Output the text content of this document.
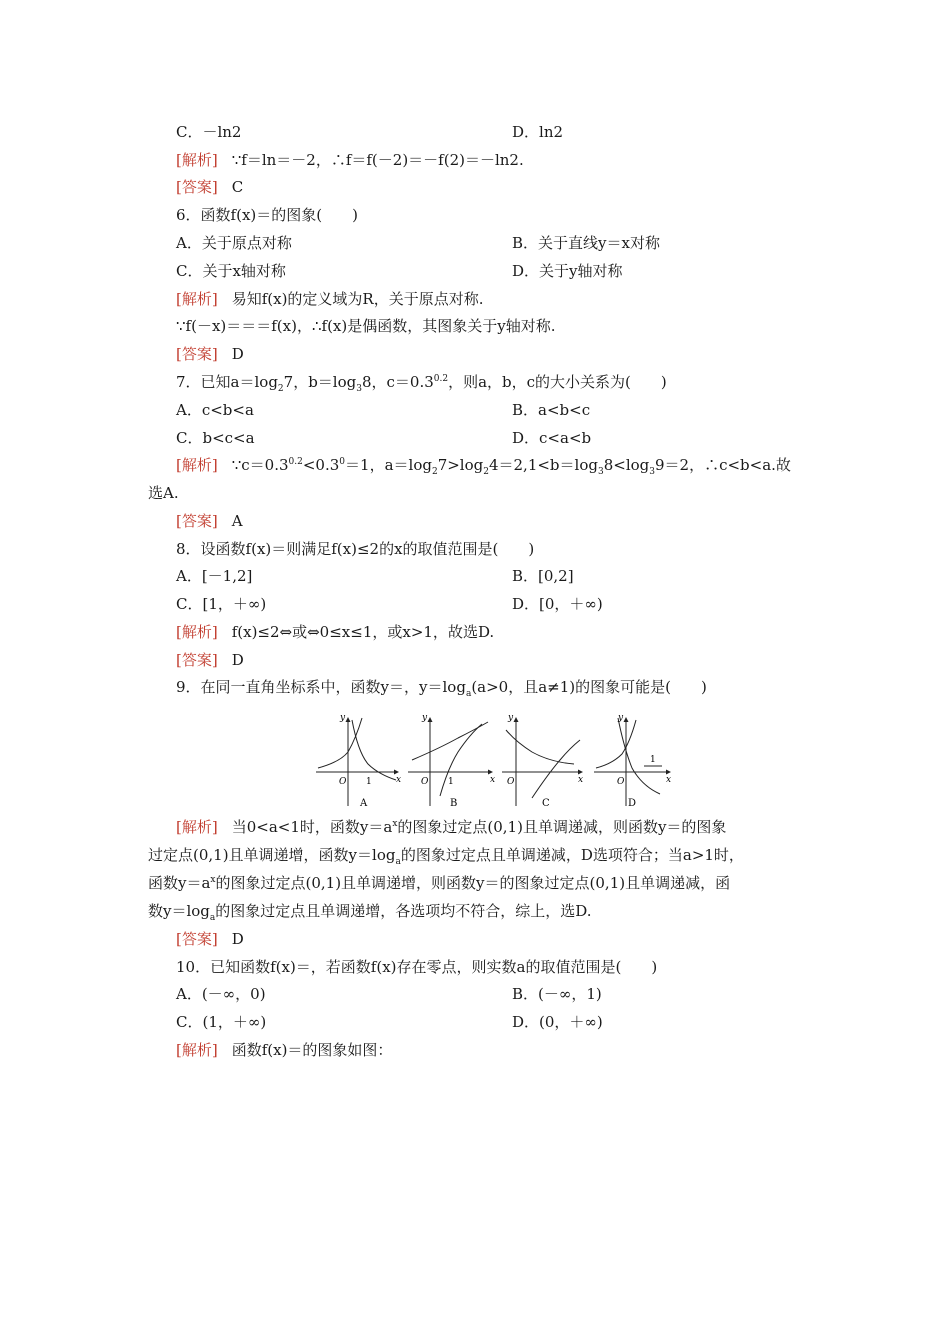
C．－ln2	D．ln2
[解析] ∵f＝ln＝－2，∴f＝f(－2)＝－f(2)＝－ln2.
[答案] C
6．函数f(x)＝的图象(　　)
A．关于原点对称	B．关于直线y＝x对称
C．关于x轴对称	D．关于y轴对称
[解析] 易知f(x)的定义域为R，关于原点对称.
∵f(－x)＝＝＝f(x)，∴f(x)是偶函数，其图象关于y轴对称.
[答案] D
7．已知$a=\log_27$，$b=\log_38$，$c=0.3^{0.2}$，则a，b，c的大小关系为(　　)
A．c<b<a	B．a<b<c
C．b<c<a	D．c<a<b
[解析] $\because c=0.3^{0.2}<0.3^0=1$，$a=\log_27>\log_24=2,1<b=\log_38<\log_39=2$，∴c<b<a.故
选A.
[答案] A
8．设函数f(x)＝则满足f(x)≤2的x的取值范围是(　　)
A．[－1,2]	B．[0,2]
C．[1，＋∞)	D．[0，＋∞)
[解析] f(x)≤2⇔或⇔0≤x≤1，或x>1，故选D.
[答案] D
9．在同一直角坐标系中，函数y＝，$y=\log_a(a>0$，且a≠1)的图象可能是(　　)
y
x
O 1
A
y
x
O 1
B
y
x
O
C
y
x
O
1
D
[解析] 当0<a<1时，函数$y=a^x$的图象过定点(0,1)且单调递减，则函数y＝的图象
过定点(0,1)且单调递增，函数$y=\log_a$的图象过定点且单调递减，D选项符合；当a>1时，
函数$y=a^x$的图象过定点(0,1)且单调递增，则函数y＝的图象过定点(0,1)且单调递减，函
数$y=\log_a$的图象过定点且单调递增，各选项均不符合，综上，选D.
[答案] D
10．已知函数f(x)＝，若函数f(x)存在零点，则实数a的取值范围是(　　)
A．(－∞，0)	B．(－∞，1)
C．(1，＋∞)	D．(0，＋∞)
[解析] 函数f(x)＝的图象如图：
